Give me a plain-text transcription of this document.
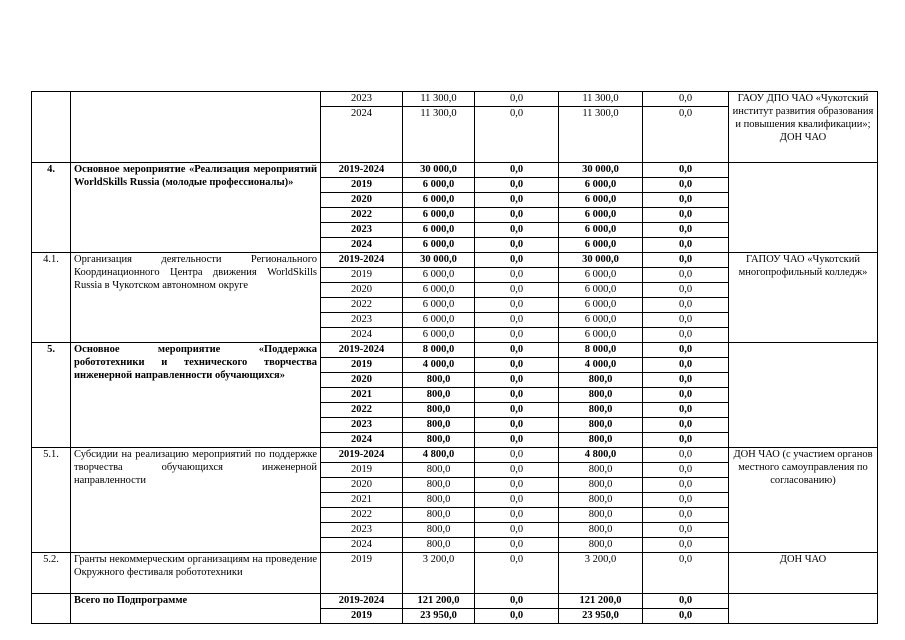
		2023	11 300,0	0,0	11 300,0	0,0	ГАОУ ДПО ЧАО «Чукотский институт развития образования и повышения квалификации»; ДОН ЧАО
		2024	11 300,0	0,0	11 300,0	0,0	
4.	Основное мероприятие «Реализация мероприятий WorldSkills Russia (молодые профессионалы)»	2019-2024	30 000,0	0,0	30 000,0	0,0	
		2019	6 000,0	0,0	6 000,0	0,0	
		2020	6 000,0	0,0	6 000,0	0,0	
		2022	6 000,0	0,0	6 000,0	0,0	
		2023	6 000,0	0,0	6 000,0	0,0	
		2024	6 000,0	0,0	6 000,0	0,0	
4.1.	Организация деятельности Регионального Координационного Центра движения WorldSkills Russia в Чукотском автономном округе	2019-2024	30 000,0	0,0	30 000,0	0,0	ГАПОУ ЧАО «Чукотский многопрофильный колледж»
		2019	6 000,0	0,0	6 000,0	0,0	
		2020	6 000,0	0,0	6 000,0	0,0	
		2022	6 000,0	0,0	6 000,0	0,0	
		2023	6 000,0	0,0	6 000,0	0,0	
		2024	6 000,0	0,0	6 000,0	0,0	
5.	Основное мероприятие «Поддержка робототехники и технического творчества инженерной направленности обучающихся»	2019-2024	8 000,0	0,0	8 000,0	0,0	
		2019	4 000,0	0,0	4 000,0	0,0	
		2020	800,0	0,0	800,0	0,0	
		2021	800,0	0,0	800,0	0,0	
		2022	800,0	0,0	800,0	0,0	
		2023	800,0	0,0	800,0	0,0	
		2024	800,0	0,0	800,0	0,0	
5.1.	Субсидии на реализацию мероприятий по поддержке творчества обучающихся инженерной направленности	2019-2024	4 800,0	0,0	4 800,0	0,0	ДОН ЧАО (с участием органов местного самоуправления по согласованию)
		2019	800,0	0,0	800,0	0,0	
		2020	800,0	0,0	800,0	0,0	
		2021	800,0	0,0	800,0	0,0	
		2022	800,0	0,0	800,0	0,0	
		2023	800,0	0,0	800,0	0,0	
		2024	800,0	0,0	800,0	0,0	
5.2.	Гранты некоммерческим организациям на проведение Окружного фестиваля робототехники	2019	3 200,0	0,0	3 200,0	0,0	ДОН ЧАО
	Всего по Подпрограмме	2019-2024	121 200,0	0,0	121 200,0	0,0	
		2019	23 950,0	0,0	23 950,0	0,0	
